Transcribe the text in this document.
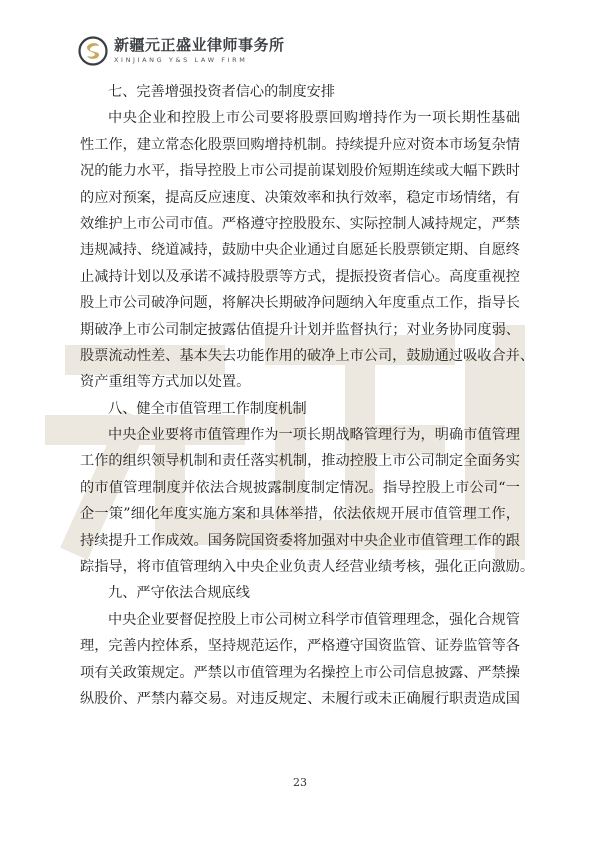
新疆元正盛业律师事务所
XINJIANG Y&S LAW FIRM
七、完善增强投资者信心的制度安排
中央企业和控股上市公司要将股票回购增持作为一项长期性基础
性工作，建立常态化股票回购增持机制。持续提升应对资本市场复杂情
况的能力水平，指导控股上市公司提前谋划股价短期连续或大幅下跌时
的应对预案，提高反应速度、决策效率和执行效率，稳定市场情绪，有
效维护上市公司市值。严格遵守控股股东、实际控制人减持规定，严禁
违规减持、绕道减持，鼓励中央企业通过自愿延长股票锁定期、自愿终
止减持计划以及承诺不减持股票等方式，提振投资者信心。高度重视控
股上市公司破净问题，将解决长期破净问题纳入年度重点工作，指导长
期破净上市公司制定披露估值提升计划并监督执行；对业务协同度弱、
股票流动性差、基本失去功能作用的破净上市公司，鼓励通过吸收合并、
资产重组等方式加以处置。
八、健全市值管理工作制度机制
中央企业要将市值管理作为一项长期战略管理行为，明确市值管理
工作的组织领导机制和责任落实机制，推动控股上市公司制定全面务实
的市值管理制度并依法合规披露制度制定情况。指导控股上市公司“一
企一策”细化年度实施方案和具体举措，依法依规开展市值管理工作，
持续提升工作成效。国务院国资委将加强对中央企业市值管理工作的跟
踪指导，将市值管理纳入中央企业负责人经营业绩考核，强化正向激励。
九、严守依法合规底线
中央企业要督促控股上市公司树立科学市值管理理念，强化合规管
理，完善内控体系，坚持规范运作，严格遵守国资监管、证券监管等各
项有关政策规定。严禁以市值管理为名操控上市公司信息披露、严禁操
纵股价、严禁内幕交易。对违反规定、未履行或未正确履行职责造成国
23
